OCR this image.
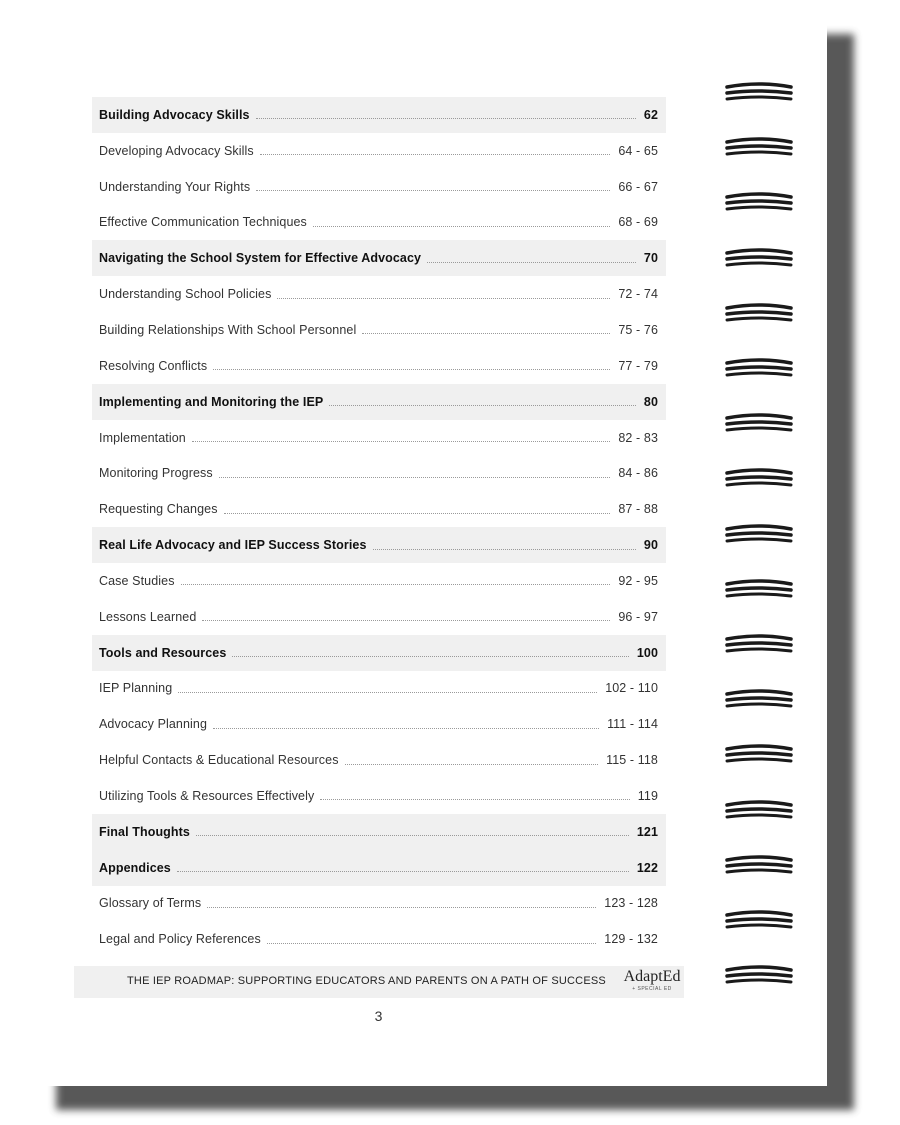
Building Advocacy Skills	62
Developing Advocacy Skills	64 - 65
Understanding Your Rights	66 - 67
Effective Communication Techniques	68 - 69
Navigating the School System for Effective Advocacy	70
Understanding School Policies	72 - 74
Building Relationships With School Personnel	75 - 76
Resolving Conflicts	77 - 79
Implementing and Monitoring the IEP	80
Implementation	82 - 83
Monitoring Progress	84 - 86
Requesting Changes	87 - 88
Real Life Advocacy and IEP Success Stories	90
Case Studies	92 - 95
Lessons Learned	96 - 97
Tools and Resources	100
IEP Planning	102 - 110
Advocacy Planning	111 - 114
Helpful Contacts & Educational Resources	115 - 118
Utilizing Tools & Resources Effectively	119
Final Thoughts	121
Appendices	122
Glossary of Terms	123 - 128
Legal and Policy References	129 - 132
THE IEP ROADMAP: SUPPORTING EDUCATORS AND PARENTS ON A PATH OF SUCCESS AdaptEd
+ SPECIAL ED
3
